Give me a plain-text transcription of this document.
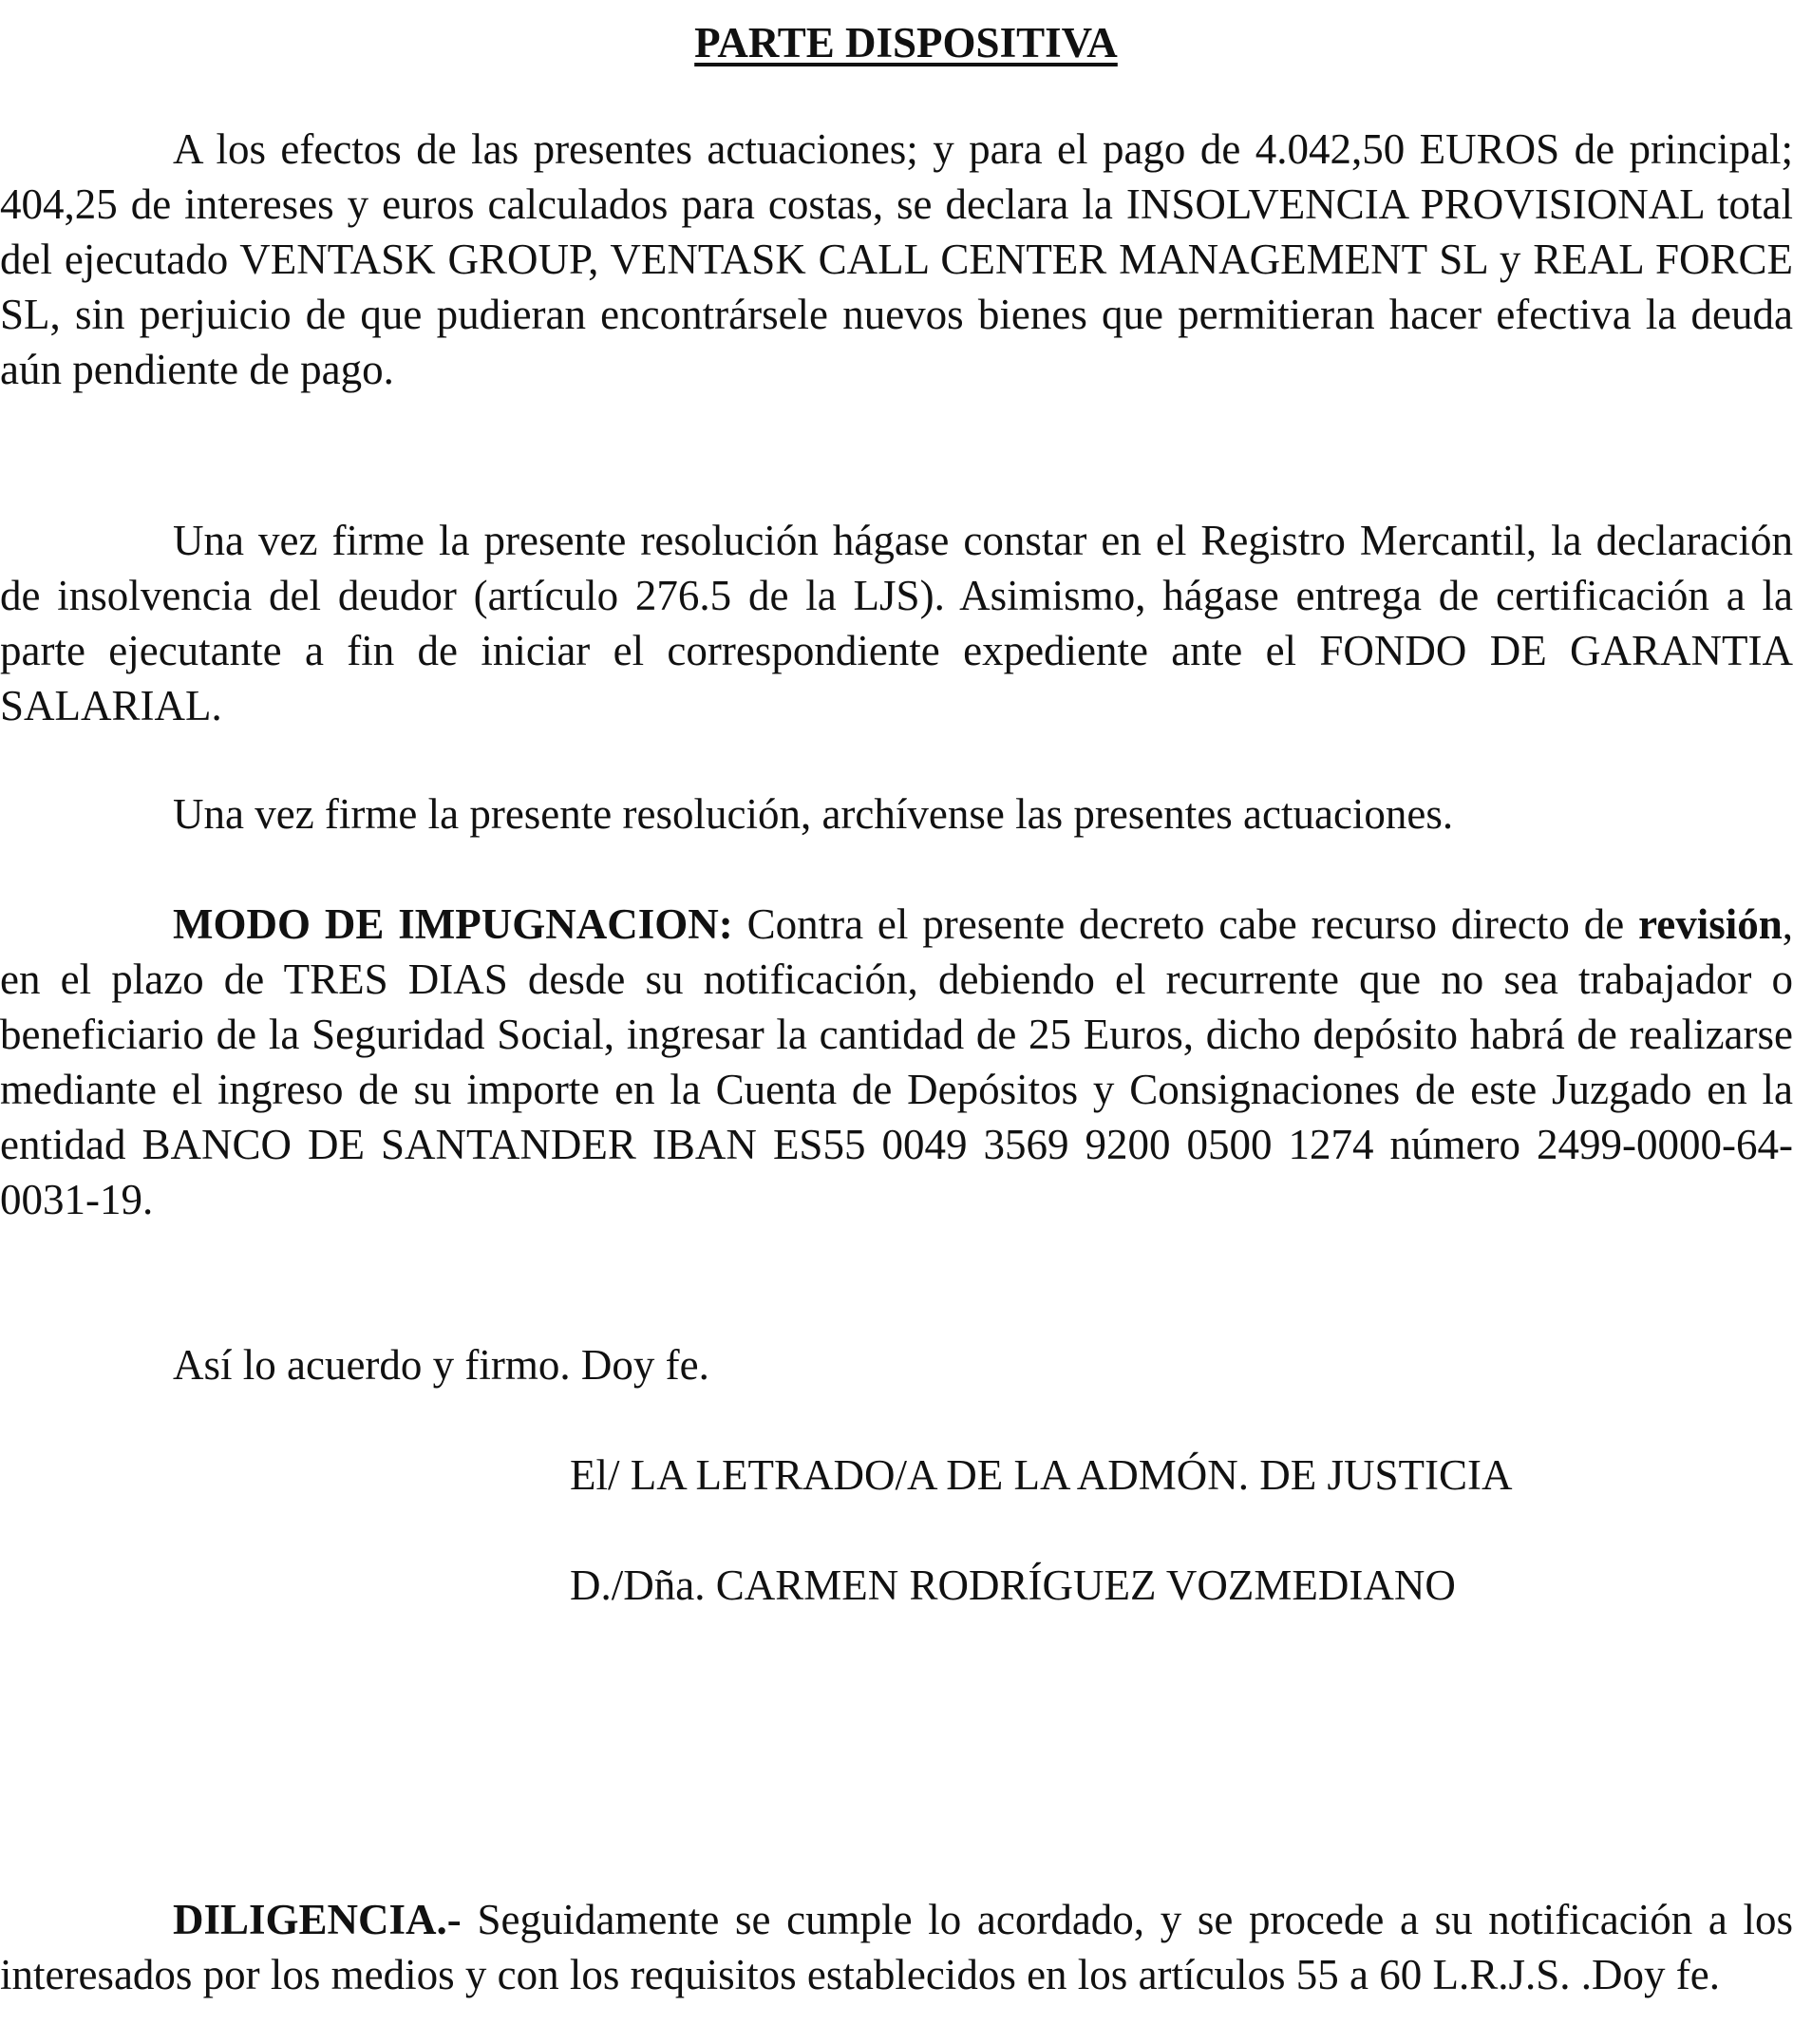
PARTE DISPOSITIVA

A los efectos de las presentes actuaciones; y para el pago de 4.042,50 EUROS de principal; 404,25 de intereses y euros calculados para costas, se declara la INSOLVENCIA PROVISIONAL total del ejecutado VENTASK GROUP, VENTASK CALL CENTER MANAGEMENT SL y REAL FORCE SL, sin perjuicio de que pudieran encontrársele nuevos bienes que permitieran hacer efectiva la deuda aún pendiente de pago.

Una vez firme la presente resolución hágase constar en el Registro Mercantil, la declaración de insolvencia del deudor (artículo 276.5 de la LJS). Asimismo, hágase entrega de certificación a la parte ejecutante a fin de iniciar el correspondiente expediente ante el FONDO DE GARANTIA SALARIAL.

Una vez firme la presente resolución, archívense las presentes actuaciones.

MODO DE IMPUGNACION: Contra el presente decreto cabe recurso directo de revisión, en el plazo de TRES DIAS desde su notificación, debiendo el recurrente que no sea trabajador o beneficiario de la Seguridad Social, ingresar la cantidad de 25 Euros, dicho depósito habrá de realizarse mediante el ingreso de su importe en la Cuenta de Depósitos y Consignaciones de este Juzgado en la entidad BANCO DE SANTANDER IBAN ES55 0049 3569 9200 0500 1274 número 2499-0000-64-0031-19.

Así lo acuerdo y firmo. Doy fe.

El/ LA LETRADO/A DE LA ADMÓN. DE JUSTICIA

D./Dña. CARMEN RODRÍGUEZ VOZMEDIANO

DILIGENCIA.- Seguidamente se cumple lo acordado, y se procede a su notificación a los interesados por los medios y con los requisitos establecidos en los artículos 55 a 60 L.R.J.S. .Doy fe.
